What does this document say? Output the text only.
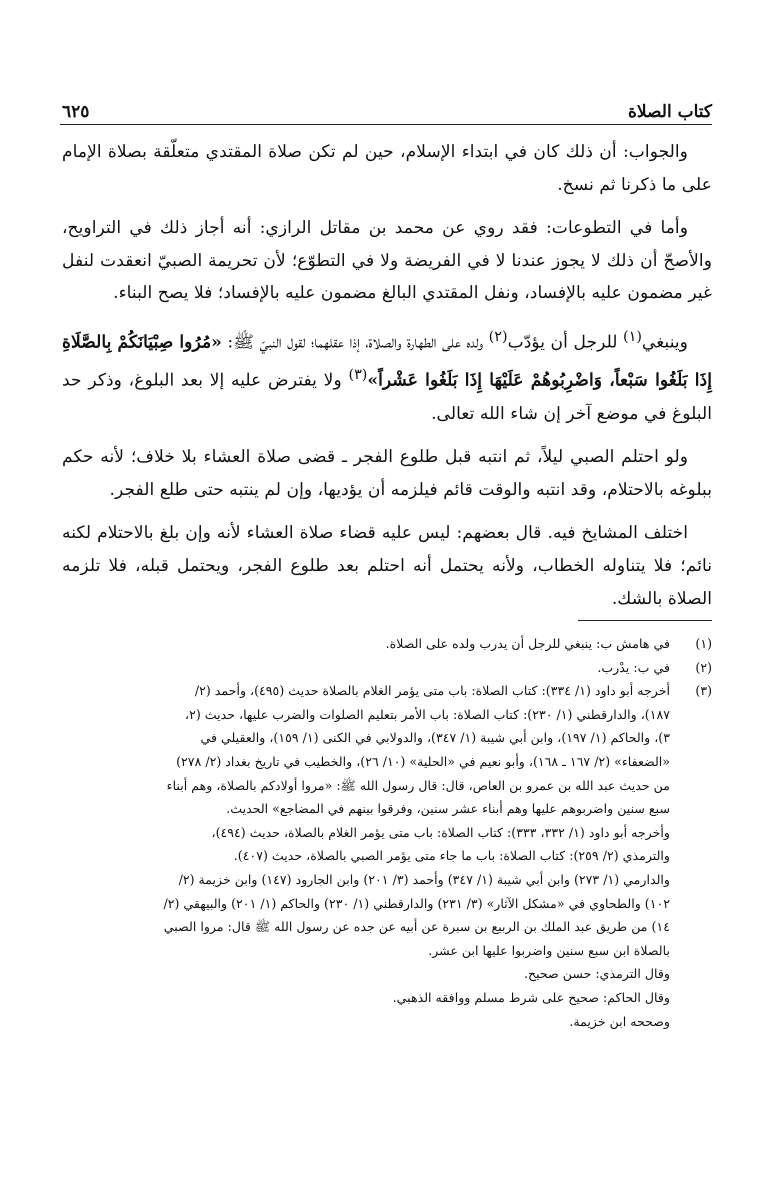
٦٢٥	كتاب الصلاة

والجواب: أن ذلك كان في ابتداء الإسلام، حين لم تكن صلاة المقتدي متعلّقة بصلاة الإمام على ما ذكرنا ثم نسخ.

وأما في التطوعات: فقد روي عن محمد بن مقاتل الرازي: أنه أجاز ذلك في التراويح، والأصحّ أن ذلك لا يجوز عندنا لا في الفريضة ولا في التطوّع؛ لأن تحريمة الصبيّ انعقدت لنفل غير مضمون عليه بالإفساد، ونفل المقتدي البالغ مضمون عليه بالإفساد؛ فلا يصح البناء.

وينبغي$^{(١)}$ للرجل أن يؤدّب$^{(٢)}$ ولده على الطهارة والصلاة، إذا عقلهما؛ لقول النبيّ ﷺ: «مُرُوا صِبْيَانَكُمْ بِالصَّلَاةِ إِذَا بَلَغُوا سَبْعاً، وَاضْرِبُوهُمْ عَلَيْهَا إِذَا بَلَغُوا عَشْراً»$^{(٣)}$ ولا يفترض عليه إلا بعد البلوغ، وذكر حد البلوغ في موضع آخر إن شاء الله تعالى.

ولو احتلم الصبي ليلاً، ثم انتبه قبل طلوع الفجر ـ قضى صلاة العشاء بلا خلاف؛ لأنه حكم ببلوغه بالاحتلام، وقد انتبه والوقت قائم فيلزمه أن يؤديها، وإن لم ينتبه حتى طلع الفجر.

اختلف المشايخ فيه. قال بعضهم: ليس عليه قضاء صلاة العشاء لأنه وإن بلغ بالاحتلام لكنه نائم؛ فلا يتناوله الخطاب، ولأنه يحتمل أنه احتلم بعد طلوع الفجر، ويحتمل قبله، فلا تلزمه الصلاة بالشك.

(١)
في هامش ب: ينبغي للرجل أن يدرب ولده على الصلاة.
(٢)
في ب: يدْرب.
(٣)
أخرجه أبو داود (١/ ٣٣٤): كتاب الصلاة: باب متى يؤمر الغلام بالصلاة حديث (٤٩٥)، وأحمد (٢/
١٨٧)، والدارقطني (١/ ٢٣٠): كتاب الصلاة: باب الأمر بتعليم الصلوات والضرب عليها، حديث (٢،
٣)، والحاكم (١/ ١٩٧)، وابن أبي شيبة (١/ ٣٤٧)، والدولابي في الكنى (١/ ١٥٩)، والعقيلي في
«الضعفاء» (٢/ ١٦٧ ـ ١٦٨)، وأبو نعيم في «الحلية» (١٠/ ٢٦)، والخطيب في تاريخ بغداد (٢/ ٢٧٨)
من حديث عبد الله بن عمرو بن العاص، قال: قال رسول الله ﷺ: «مروا أولادكم بالصلاة، وهم أبناء
سبع سنين واضربوهم عليها وهم أبناء عشر سنين، وفرقوا بينهم في المضاجع» الحديث.
وأخرجه أبو داود (١/ ٣٣٢، ٣٣٣): كتاب الصلاة: باب متى يؤمر الغلام بالصلاة، حديث (٤٩٤)،
والترمذي (٢/ ٢٥٩): كتاب الصلاة: باب ما جاء متى يؤمر الصبي بالصلاة، حديث (٤٠٧).
والدارمي (١/ ٢٧٣) وابن أبي شيبة (١/ ٣٤٧) وأحمد (٣/ ٢٠١) وابن الجارود (١٤٧) وابن خزيمة (٢/
١٠٢) والطحاوي في «مشكل الآثار» (٣/ ٢٣١) والدارقطني (١/ ٢٣٠) والحاكم (١/ ٢٠١) والبيهقي (٢/
١٤) من طريق عبد الملك بن الربيع بن سبرة عن أبيه عن جده عن رسول الله ﷺ قال: مروا الصبي
بالصلاة ابن سبع سنين واضربوا عليها ابن عشر.
وقال الترمذي: حسن صحيح.
وقال الحاكم: صحيح على شرط مسلم ووافقه الذهبي.
وصححه ابن خزيمة.
